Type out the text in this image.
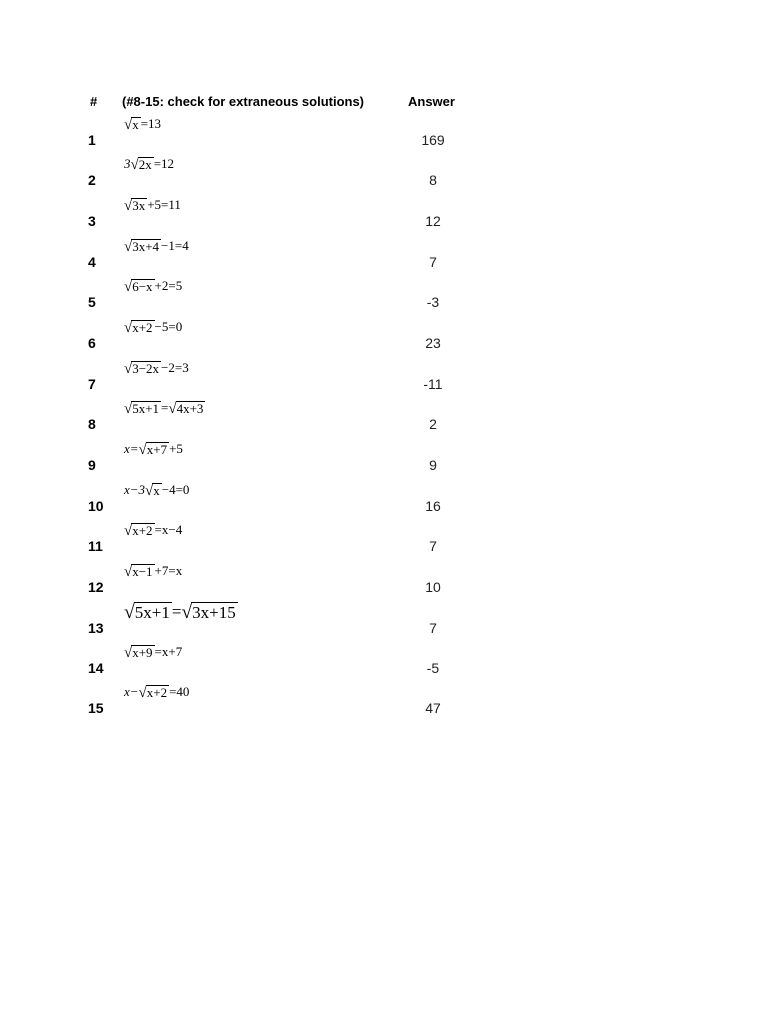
# (#8-15: check for extraneous solutions)	Answer
1
√ x =13
169
2
3 √ 2x =12
8
3
√ 3x +5=11
12
4
√ 3x+4 −1=4
7
5
√ 6−x +2=5
-3
6
√ x+2 −5=0
23
7
√ 3−2x −2=3
-11
8
√ 5x+1 = √ 4x+3
2
9
x= √ x+7 +5
9
10
x−3 √ x −4=0
16
11
√ x+2 =x−4
7
12
√ x−1 +7=x
10
13
√ 5x+1 = √ 3x+15
7
14
√ x+9 =x+7
-5
15
x− √ x+2 =40
47
